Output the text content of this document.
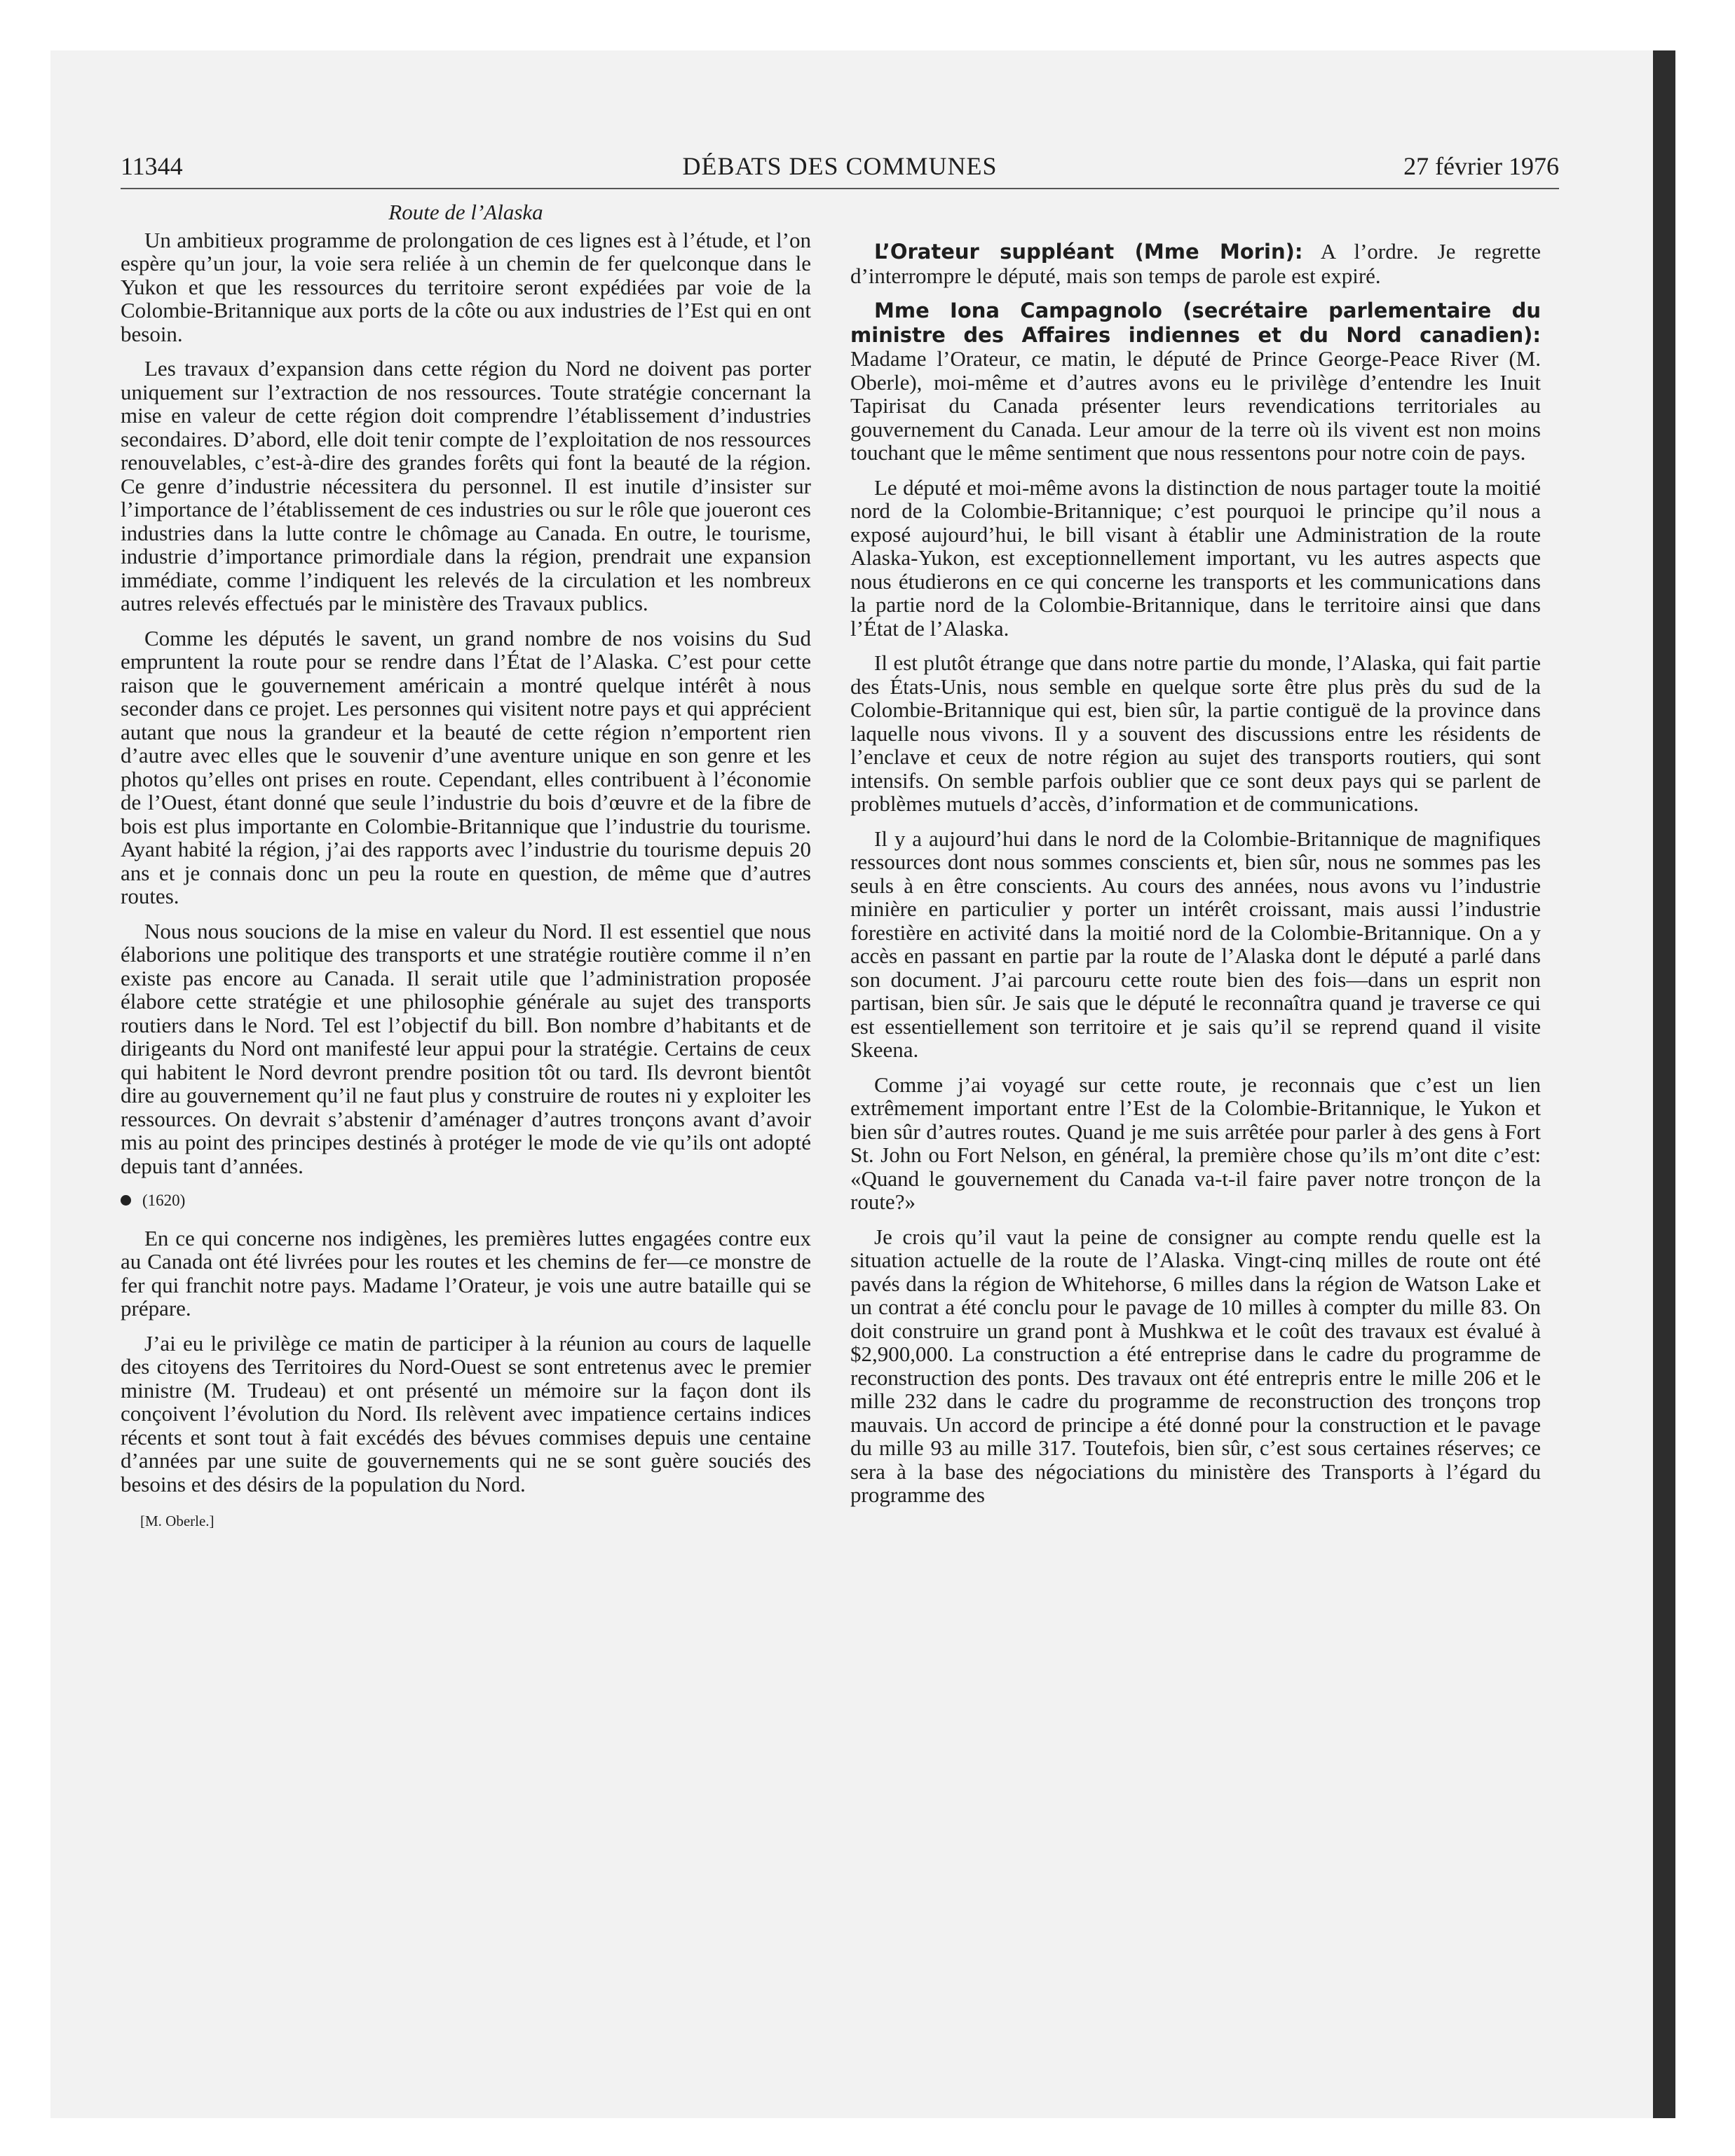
11344	DÉBATS DES COMMUNES	27 février 1976
Route de l’Alaska

Un ambitieux programme de prolongation de ces lignes est à l’étude, et l’on espère qu’un jour, la voie sera reliée à un chemin de fer quelconque dans le Yukon et que les ressources du territoire seront expédiées par voie de la Colombie-Britannique aux ports de la côte ou aux industries de l’Est qui en ont besoin.

Les travaux d’expansion dans cette région du Nord ne doivent pas porter uniquement sur l’extraction de nos ressources. Toute stratégie concernant la mise en valeur de cette région doit comprendre l’établissement d’industries secondaires. D’abord, elle doit tenir compte de l’exploitation de nos ressources renouvelables, c’est-à-dire des grandes forêts qui font la beauté de la région. Ce genre d’industrie nécessitera du personnel. Il est inutile d’insister sur l’importance de l’établissement de ces industries ou sur le rôle que joueront ces industries dans la lutte contre le chômage au Canada. En outre, le tourisme, industrie d’importance primordiale dans la région, prendrait une expansion immédiate, comme l’indiquent les relevés de la circulation et les nombreux autres relevés effectués par le ministère des Travaux publics.

Comme les députés le savent, un grand nombre de nos voisins du Sud empruntent la route pour se rendre dans l’État de l’Alaska. C’est pour cette raison que le gouvernement américain a montré quelque intérêt à nous seconder dans ce projet. Les personnes qui visitent notre pays et qui apprécient autant que nous la grandeur et la beauté de cette région n’emportent rien d’autre avec elles que le souvenir d’une aventure unique en son genre et les photos qu’elles ont prises en route. Cependant, elles contribuent à l’économie de l’Ouest, étant donné que seule l’industrie du bois d’œuvre et de la fibre de bois est plus importante en Colombie-Britannique que l’industrie du tourisme. Ayant habité la région, j’ai des rapports avec l’industrie du tourisme depuis 20 ans et je connais donc un peu la route en question, de même que d’autres routes.

Nous nous soucions de la mise en valeur du Nord. Il est essentiel que nous élaborions une politique des transports et une stratégie routière comme il n’en existe pas encore au Canada. Il serait utile que l’administration proposée élabore cette stratégie et une philosophie générale au sujet des transports routiers dans le Nord. Tel est l’objectif du bill. Bon nombre d’habitants et de dirigeants du Nord ont manifesté leur appui pour la stratégie. Certains de ceux qui habitent le Nord devront prendre position tôt ou tard. Ils devront bientôt dire au gouvernement qu’il ne faut plus y construire de routes ni y exploiter les ressources. On devrait s’abstenir d’aménager d’autres tronçons avant d’avoir mis au point des principes destinés à protéger le mode de vie qu’ils ont adopté depuis tant d’années.

(1620)

En ce qui concerne nos indigènes, les premières luttes engagées contre eux au Canada ont été livrées pour les routes et les chemins de fer—ce monstre de fer qui franchit notre pays. Madame l’Orateur, je vois une autre bataille qui se prépare.

J’ai eu le privilège ce matin de participer à la réunion au cours de laquelle des citoyens des Territoires du Nord-Ouest se sont entretenus avec le premier ministre (M. Trudeau) et ont présenté un mémoire sur la façon dont ils conçoivent l’évolution du Nord. Ils relèvent avec impatience certains indices récents et sont tout à fait excédés des bévues commises depuis une centaine d’années par une suite de gouvernements qui ne se sont guère souciés des besoins et des désirs de la population du Nord.

[M. Oberle.]

L’Orateur suppléant (Mme Morin): A l’ordre. Je regrette d’interrompre le député, mais son temps de parole est expiré.

Mme Iona Campagnolo (secrétaire parlementaire du ministre des Affaires indiennes et du Nord canadien): Madame l’Orateur, ce matin, le député de Prince George-Peace River (M. Oberle), moi-même et d’autres avons eu le privilège d’entendre les Inuit Tapirisat du Canada présenter leurs revendications territoriales au gouvernement du Canada. Leur amour de la terre où ils vivent est non moins touchant que le même sentiment que nous ressentons pour notre coin de pays.

Le député et moi-même avons la distinction de nous partager toute la moitié nord de la Colombie-Britannique; c’est pourquoi le principe qu’il nous a exposé aujourd’hui, le bill visant à établir une Administration de la route Alaska-Yukon, est exceptionnellement important, vu les autres aspects que nous étudierons en ce qui concerne les transports et les communications dans la partie nord de la Colombie-Britannique, dans le territoire ainsi que dans l’État de l’Alaska.

Il est plutôt étrange que dans notre partie du monde, l’Alaska, qui fait partie des États-Unis, nous semble en quelque sorte être plus près du sud de la Colombie-Britannique qui est, bien sûr, la partie contiguë de la province dans laquelle nous vivons. Il y a souvent des discussions entre les résidents de l’enclave et ceux de notre région au sujet des transports routiers, qui sont intensifs. On semble parfois oublier que ce sont deux pays qui se parlent de problèmes mutuels d’accès, d’information et de communications.

Il y a aujourd’hui dans le nord de la Colombie-Britannique de magnifiques ressources dont nous sommes conscients et, bien sûr, nous ne sommes pas les seuls à en être conscients. Au cours des années, nous avons vu l’industrie minière en particulier y porter un intérêt croissant, mais aussi l’industrie forestière en activité dans la moitié nord de la Colombie-Britannique. On a y accès en passant en partie par la route de l’Alaska dont le député a parlé dans son document. J’ai parcouru cette route bien des fois—dans un esprit non partisan, bien sûr. Je sais que le député le reconnaîtra quand je traverse ce qui est essentiellement son territoire et je sais qu’il se reprend quand il visite Skeena.

Comme j’ai voyagé sur cette route, je reconnais que c’est un lien extrêmement important entre l’Est de la Colombie-Britannique, le Yukon et bien sûr d’autres routes. Quand je me suis arrêtée pour parler à des gens à Fort St. John ou Fort Nelson, en général, la première chose qu’ils m’ont dite c’est: «Quand le gouvernement du Canada va-t-il faire paver notre tronçon de la route?»

Je crois qu’il vaut la peine de consigner au compte rendu quelle est la situation actuelle de la route de l’Alaska. Vingt-cinq milles de route ont été pavés dans la région de Whitehorse, 6 milles dans la région de Watson Lake et un contrat a été conclu pour le pavage de 10 milles à compter du mille 83. On doit construire un grand pont à Mushkwa et le coût des travaux est évalué à $2,900,000. La construction a été entreprise dans le cadre du programme de reconstruction des ponts. Des travaux ont été entrepris entre le mille 206 et le mille 232 dans le cadre du programme de reconstruction des tronçons trop mauvais. Un accord de principe a été donné pour la construction et le pavage du mille 93 au mille 317. Toutefois, bien sûr, c’est sous certaines réserves; ce sera à la base des négociations du ministère des Transports à l’égard du programme des
